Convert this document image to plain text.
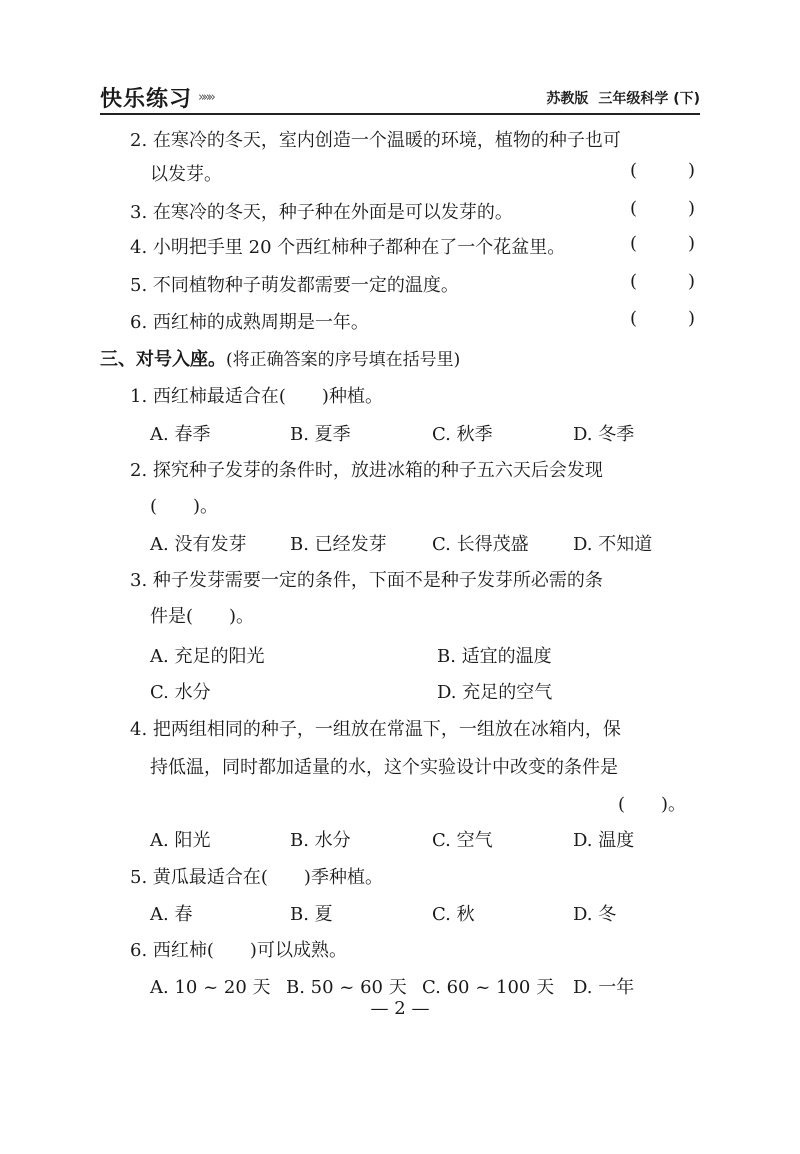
快乐练习 »»»	苏教版 三年级科学 (下)
2. 在寒冷的冬天，室内创造一个温暖的环境，植物的种子也可
以发芽。	(	)
3. 在寒冷的冬天，种子种在外面是可以发芽的。	(	)
4. 小明把手里 20 个西红柿种子都种在了一个花盆里。	(	)
5. 不同植物种子萌发都需要一定的温度。	(	)
6. 西红柿的成熟周期是一年。	(	)
三、对号入座。(将正确答案的序号填在括号里)
1. 西红柿最适合在(　　)种植。
A. 春季	B. 夏季	C. 秋季	D. 冬季
2. 探究种子发芽的条件时，放进冰箱的种子五六天后会发现
(　　)。
A. 没有发芽 B. 已经发芽	C. 长得茂盛 D. 不知道
3. 种子发芽需要一定的条件，下面不是种子发芽所必需的条
件是(　　)。
A. 充足的阳光	B. 适宜的温度
C. 水分	D. 充足的空气
4. 把两组相同的种子，一组放在常温下，一组放在冰箱内，保
持低温，同时都加适量的水，这个实验设计中改变的条件是
(　　)。
A. 阳光	B. 水分	C. 空气	D. 温度
5. 黄瓜最适合在(　　)季种植。
A. 春	B. 夏	C. 秋	D. 冬
6. 西红柿(　　)可以成熟。
A. 10 ~ 20 天 B. 50 ~ 60 天 C. 60 ~ 100 天 D. 一年
— 2 —
